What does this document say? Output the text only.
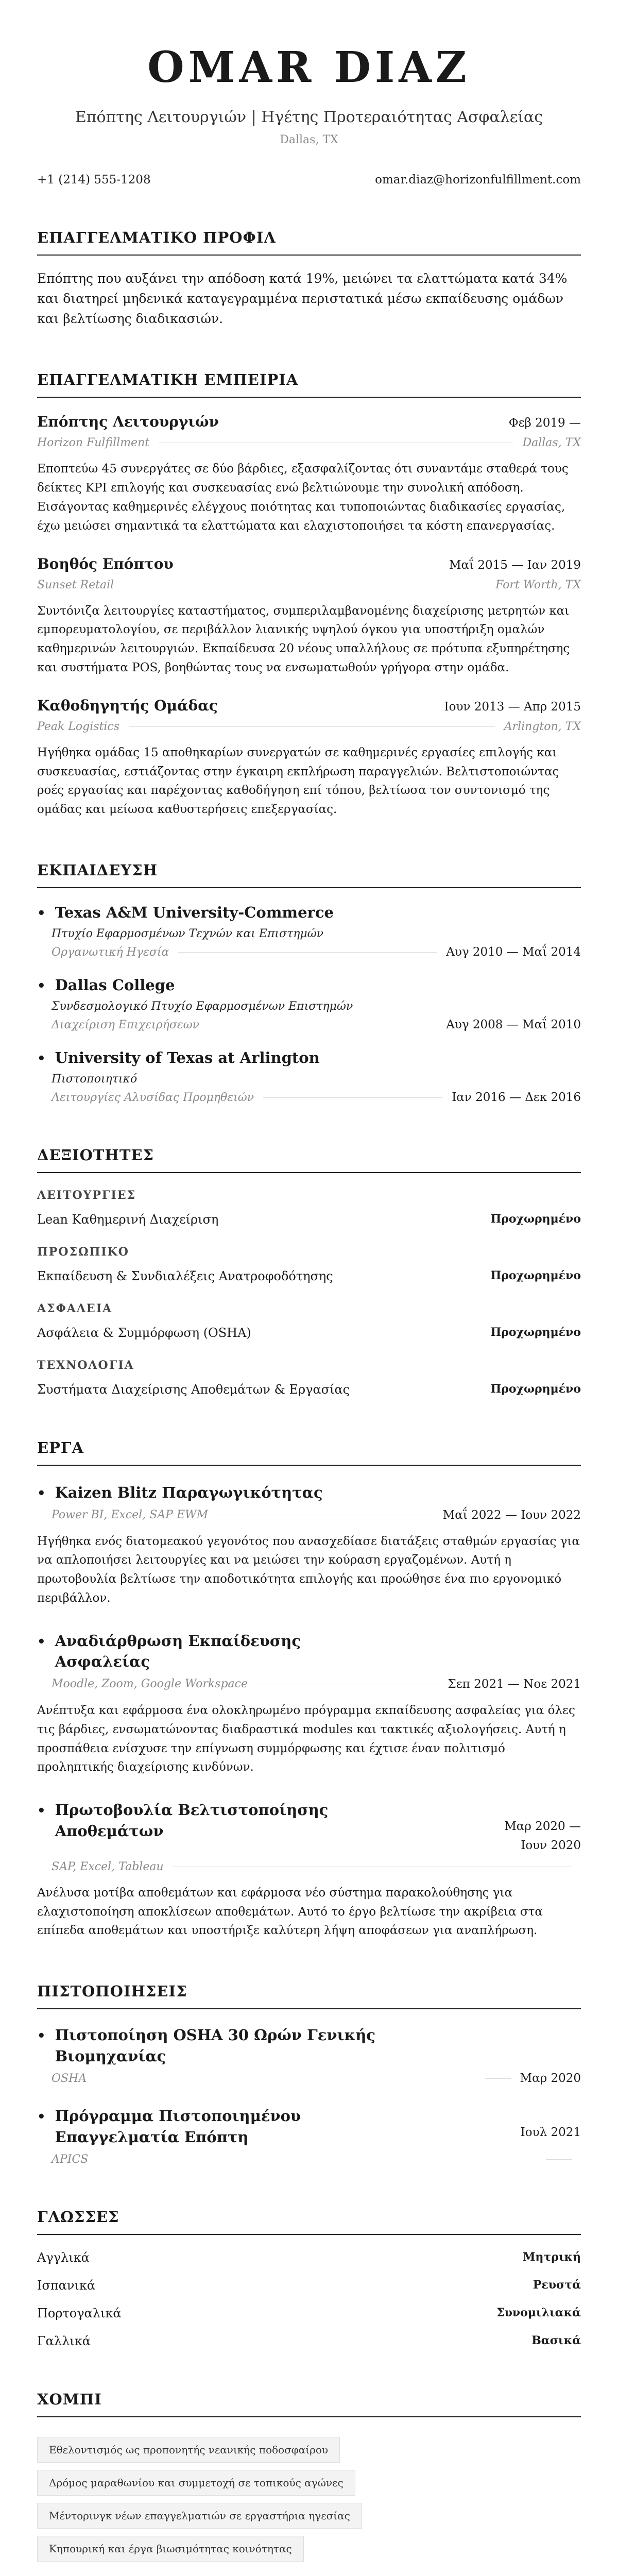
OMAR DIAZ
Επόπτης Λειτουργιών | Ηγέτης Προτεραιότητας Ασφαλείας
Dallas, TX
+1 (214) 555-1208	omar.diaz@horizonfulfillment.com
ΕΠΑΓΓΕΛΜΑΤΙΚΟ ΠΡΟΦΙΛ
Επόπτης που αυξάνει την απόδοση κατά 19%, μειώνει τα ελαττώματα κατά 34% και διατηρεί μηδενικά καταγεγραμμένα περιστατικά μέσω εκπαίδευσης ομάδων και βελτίωσης διαδικασιών.
ΕΠΑΓΓΕΛΜΑΤΙΚΗ ΕΜΠΕΙΡΙΑ
Επόπτης Λειτουργιών	Φεβ 2019 —
Horizon Fulfillment	Dallas, TX
Επoπτεύω 45 συνεργάτες σε δύο βάρδιες, εξασφαλίζοντας ότι συναντάμε σταθερά τους δείκτες KPI επιλογής και συσκευασίας ενώ βελτιώνουμε την συνολική απόδοση. Εισάγοντας καθημερινές ελέγχους ποιότητας και τυποποιώντας διαδικασίες εργασίας, έχω μειώσει σημαντικά τα ελαττώματα και ελαχιστοποιήσει τα κόστη επανεργασίας.
Βοηθός Επόπτου	Μαΐ 2015 — Ιαν 2019
Sunset Retail	Fort Worth, TX
Συντόνιζα λειτουργίες καταστήματος, συμπεριλαμβανομένης διαχείρισης μετρητών και εμπορευματολογίου, σε περιβάλλον λιανικής υψηλού όγκου για υποστήριξη ομαλών καθημερινών λειτουργιών. Εκπαίδευσα 20 νέους υπαλλήλους σε πρότυπα εξυπηρέτησης και συστήματα POS, βοηθώντας τους να ενσωματωθούν γρήγορα στην ομάδα.
Καθοδηγητής Ομάδας	Ιουν 2013 — Απρ 2015
Peak Logistics	Arlington, TX
Ηγήθηκα ομάδας 15 αποθηκαρίων συνεργατών σε καθημερινές εργασίες επιλογής και συσκευασίας, εστιάζοντας στην έγκαιρη εκπλήρωση παραγγελιών. Βελτιστοποιώντας ροές εργασίας και παρέχοντας καθοδήγηση επί τόπου, βελτίωσα τον συντονισμό της ομάδας και μείωσα καθυστερήσεις επεξεργασίας.
ΕΚΠΑΙΔΕΥΣΗ
• Texas A&M University-Commerce
Πτυχίο Εφαρμοσμένων Τεχνών και Επιστημών
Οργανωτική Ηγεσία	Αυγ 2010 — Μαΐ 2014
• Dallas College
Συνδεσμολογικό Πτυχίο Εφαρμοσμένων Επιστημών
Διαχείριση Επιχειρήσεων	Αυγ 2008 — Μαΐ 2010
• University of Texas at Arlington
Πιστοποιητικό
Λειτουργίες Αλυσίδας Προμηθειών	Ιαν 2016 — Δεκ 2016
ΔΕΞΙΟΤΗΤΕΣ
ΛΕΙΤΟΥΡΓΙΕΣ
Lean Καθημερινή Διαχείριση	Προχωρημένο
ΠΡΟΣΩΠΙΚΟ
Εκπαίδευση & Συνδιαλέξεις Ανατροφοδότησης	Προχωρημένο
ΑΣΦΑΛΕΙΑ
Ασφάλεια & Συμμόρφωση (OSHA)	Προχωρημένο
ΤΕΧΝΟΛΟΓΙΑ
Συστήματα Διαχείρισης Αποθεμάτων & Εργασίας	Προχωρημένο
ΕΡΓΑ
• Kaizen Blitz Παραγωγικότητας
Power BI, Excel, SAP EWM	Μαΐ 2022 — Ιουν 2022
Ηγήθηκα ενός διατομεακού γεγονότος που ανασχεδίασε διατάξεις σταθμών εργασίας για να απλοποιήσει λειτουργίες και να μειώσει την κούραση εργαζομένων. Αυτή η πρωτοβουλία βελτίωσε την αποδοτικότητα επιλογής και προώθησε ένα πιο εργονομικό περιβάλλον.
• Αναδιάρθρωση Εκπαίδευσης Ασφαλείας
Moodle, Zoom, Google Workspace	Σεπ 2021 — Νοε 2021
Ανέπτυξα και εφάρμοσα ένα ολοκληρωμένο πρόγραμμα εκπαίδευσης ασφαλείας για όλες τις βάρδιες, ενσωματώνοντας διαδραστικά modules και τακτικές αξιολογήσεις. Αυτή η προσπάθεια ενίσχυσε την επίγνωση συμμόρφωσης και έχτισε έναν πολιτισμό προληπτικής διαχείρισης κινδύνων.
• Πρωτοβουλία Βελτιστοποίησης Αποθεμάτων	Μαρ 2020 — Ιουν 2020
SAP, Excel, Tableau
Ανέλυσα μοτίβα αποθεμάτων και εφάρμοσα νέο σύστημα παρακολούθησης για ελαχιστοποίηση αποκλίσεων αποθεμάτων. Αυτό το έργο βελτίωσε την ακρίβεια στα επίπεδα αποθεμάτων και υποστήριξε καλύτερη λήψη αποφάσεων για αναπλήρωση.
ΠΙΣΤΟΠΟΙΗΣΕΙΣ
• Πιστοποίηση OSHA 30 Ωρών Γενικής Βιομηχανίας
OSHA	Μαρ 2020
• Πρόγραμμα Πιστοποιημένου Επαγγελματία Επόπτη	Ιουλ 2021
APICS
ΓΛΩΣΣΕΣ
Αγγλικά	Μητρική
Ισπανικά	Ρευστά
Πορτογαλικά	Συνομιλιακά
Γαλλικά	Βασικά
ΧΟΜΠΙ
Εθελοντισμός ως προπονητής νεανικής ποδοσφαίρου
Δρόμος μαραθωνίου και συμμετοχή σε τοπικούς αγώνες
Μέντορινγκ νέων επαγγελματιών σε εργαστήρια ηγεσίας
Κηπουρική και έργα βιωσιμότητας κοινότητας
